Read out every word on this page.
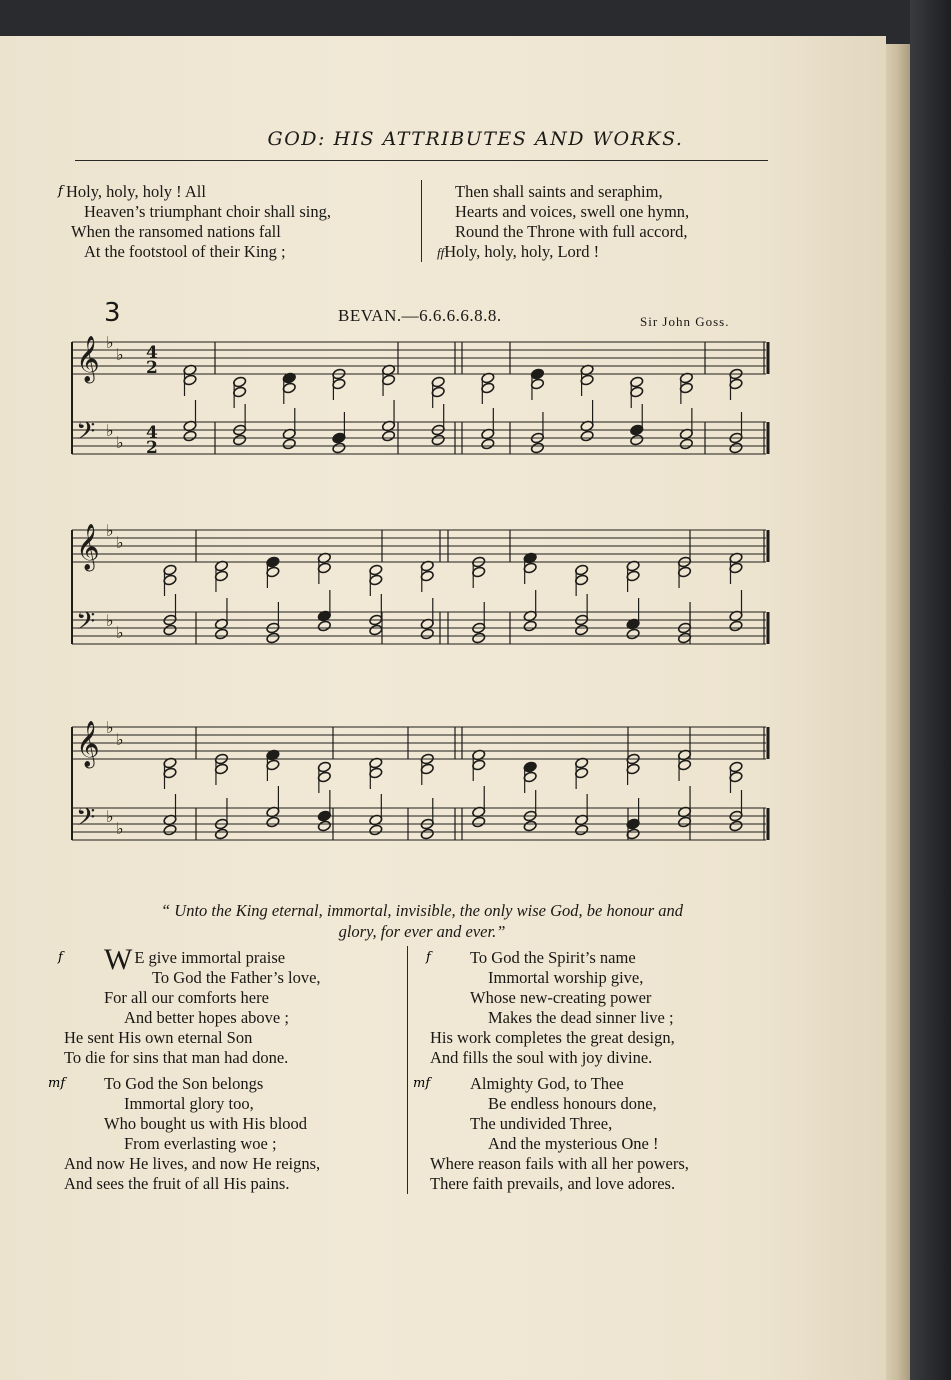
GOD: HIS ATTRIBUTES AND WORKS.
f Holy, holy, holy ! All
Heaven’s triumphant choir shall sing,
When the ransomed nations fall
At the footstool of their King ;
Then shall saints and seraphim,
Hearts and voices, swell one hymn,
Round the Throne with full accord,
ffHoly, holy, holy, Lord !
3	BEVAN.—6.6.6.6.8.8.	Sir John Goss.
𝄞
𝄢
♭
♭
♭
♭
4
2
4
2
𝄞
𝄢
♭
♭
♭
♭
𝄞
𝄢
♭
♭
♭
♭
“ Unto the King eternal, immortal, invisible, the only wise God, be honour and
glory, for ever and ever.”
f W E give immortal praise
To God the Father’s love,
For all our comforts here
And better hopes above ;
He sent His own eternal Son
To die for sins that man had done.
mf	To God the Son belongs
Immortal glory too,
Who bought us with His blood
From everlasting woe ;
And now He lives, and now He reigns,
And sees the fruit of all His pains.
f	To God the Spirit’s name
Immortal worship give,
Whose new-creating power
Makes the dead sinner live ;
His work completes the great design,
And fills the soul with joy divine.
mf	Almighty God, to Thee
Be endless honours done,
The undivided Three,
And the mysterious One !
Where reason fails with all her powers,
There faith prevails, and love adores.
